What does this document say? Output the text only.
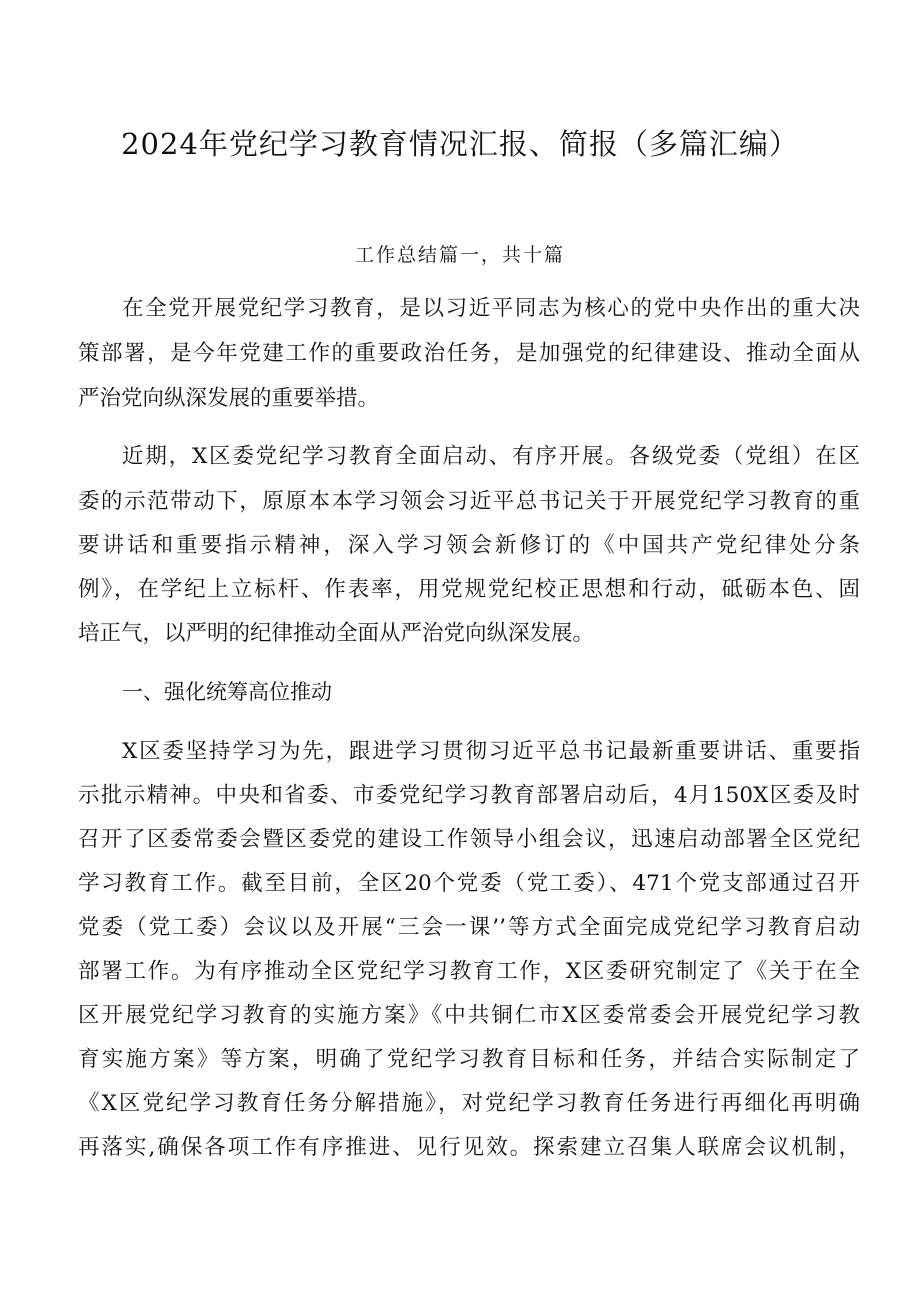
2024年党纪学习教育情况汇报、简报（多篇汇编）
工作总结篇一，共十篇
在全党开展党纪学习教育，是以习近平同志为核心的党中央作出的重大决
策部署，是今年党建工作的重要政治任务，是加强党的纪律建设、推动全面从
严治党向纵深发展的重要举措。
近期，X区委党纪学习教育全面启动、有序开展。各级党委（党组）在区
委的示范带动下，原原本本学习领会习近平总书记关于开展党纪学习教育的重
要讲话和重要指示精神，深入学习领会新修订的《中国共产党纪律处分条
例》，在学纪上立标杆、作表率，用党规党纪校正思想和行动，砥砺本色、固
培正气，以严明的纪律推动全面从严治党向纵深发展。
一、强化统筹高位推动
X区委坚持学习为先，跟进学习贯彻习近平总书记最新重要讲话、重要指
示批示精神。中央和省委、市委党纪学习教育部署启动后，4月150X区委及时
召开了区委常委会暨区委党的建设工作领导小组会议，迅速启动部署全区党纪
学习教育工作。截至目前，全区20个党委（党工委）、471个党支部通过召开
党委（党工委）会议以及开展“三会一课’’等方式全面完成党纪学习教育启动
部署工作。为有序推动全区党纪学习教育工作，X区委研究制定了《关于在全
区开展党纪学习教育的实施方案》《中共铜仁市X区委常委会开展党纪学习教
育实施方案》等方案，明确了党纪学习教育目标和任务，并结合实际制定了
《X区党纪学习教育任务分解措施》，对党纪学习教育任务进行再细化再明确
再落实,确保各项工作有序推进、见行见效。探索建立召集人联席会议机制，
